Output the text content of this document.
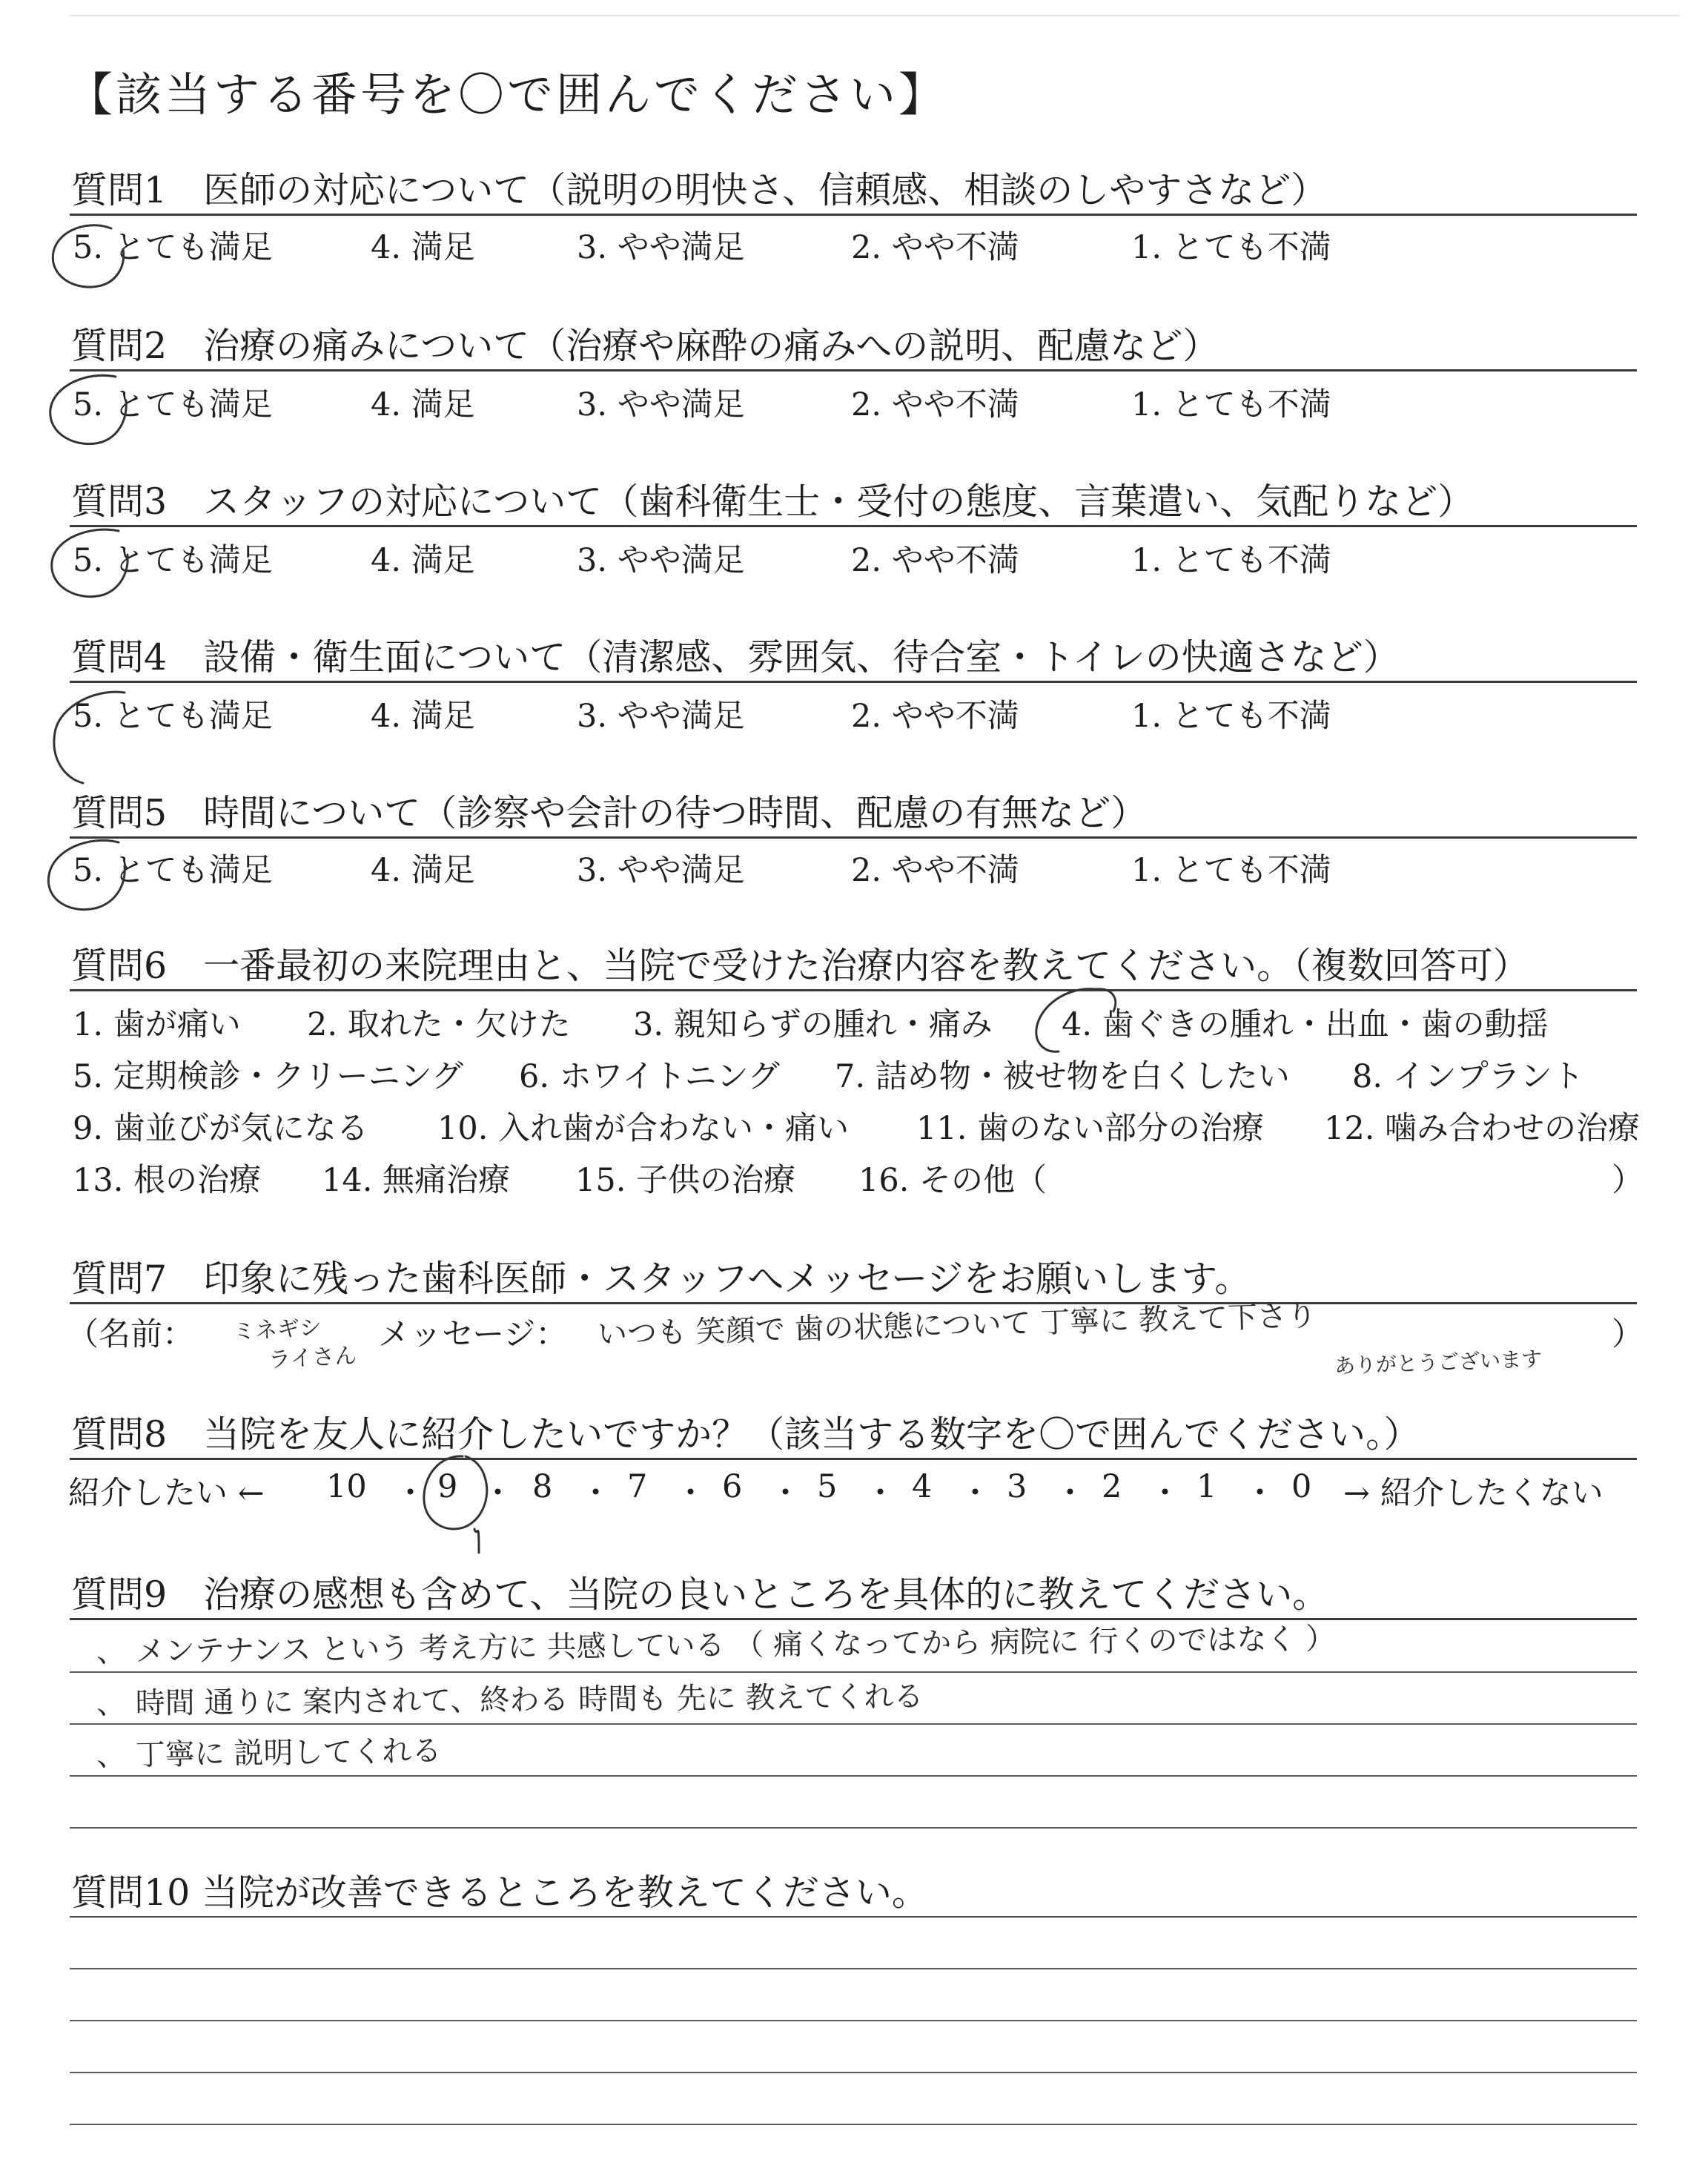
【該当する番号を〇で囲んでください】
質問1　医師の対応について（説明の明快さ、信頼感、相談のしやすさなど）
5. とても満足	4. 満足	3. やや満足	2. やや不満	1. とても不満
質問2　治療の痛みについて（治療や麻酔の痛みへの説明、配慮など）
5. とても満足	4. 満足	3. やや満足	2. やや不満	1. とても不満
質問3　スタッフの対応について（歯科衛生士・受付の態度、言葉遣い、気配りなど）
5. とても満足	4. 満足	3. やや満足	2. やや不満	1. とても不満
質問4　設備・衛生面について（清潔感、雰囲気、待合室・トイレの快適さなど）
5. とても満足	4. 満足	3. やや満足	2. やや不満	1. とても不満
質問5　時間について（診察や会計の待つ時間、配慮の有無など）
5. とても満足	4. 満足	3. やや満足	2. やや不満	1. とても不満
質問6　一番最初の来院理由と、当院で受けた治療内容を教えてください。（複数回答可）
1. 歯が痛い 2. 取れた・欠けた 3. 親知らずの腫れ・痛み 4. 歯ぐきの腫れ・出血・歯の動揺
5. 定期検診・クリーニング 6. ホワイトニング 7. 詰め物・被せ物を白くしたい 8. インプラント
9. 歯並びが気になる 10. 入れ歯が合わない・痛い 11. 歯のない部分の治療 12. 噛み合わせの治療
13. 根の治療 14. 無痛治療 15. 子供の治療 16. その他（	）
質問7　印象に残った歯科医師・スタッフへメッセージをお願いします。
（名前： ミネギシ
ライさん
メッセージ： いつも 笑顔で 歯の状態について 丁寧に 教えて下さり
ありがとうございます
）
質問8　当院を友人に紹介したいですか？（該当する数字を〇で囲んでください。）
紹介したい ← 10 ・ 9 ・ 8 ・ 7 ・ 6 ・ 5 ・ 4 ・ 3 ・ 2 ・ 1 ・ 0 → 紹介したくない
質問9　治療の感想も含めて、当院の良いところを具体的に教えてください。
、 メンテナンス という 考え方に 共感している （ 痛くなってから 病院に 行くのではなく ）
、 時間 通りに 案内されて、終わる 時間も 先に 教えてくれる
、 丁寧に 説明してくれる
質問10 当院が改善できるところを教えてください。
